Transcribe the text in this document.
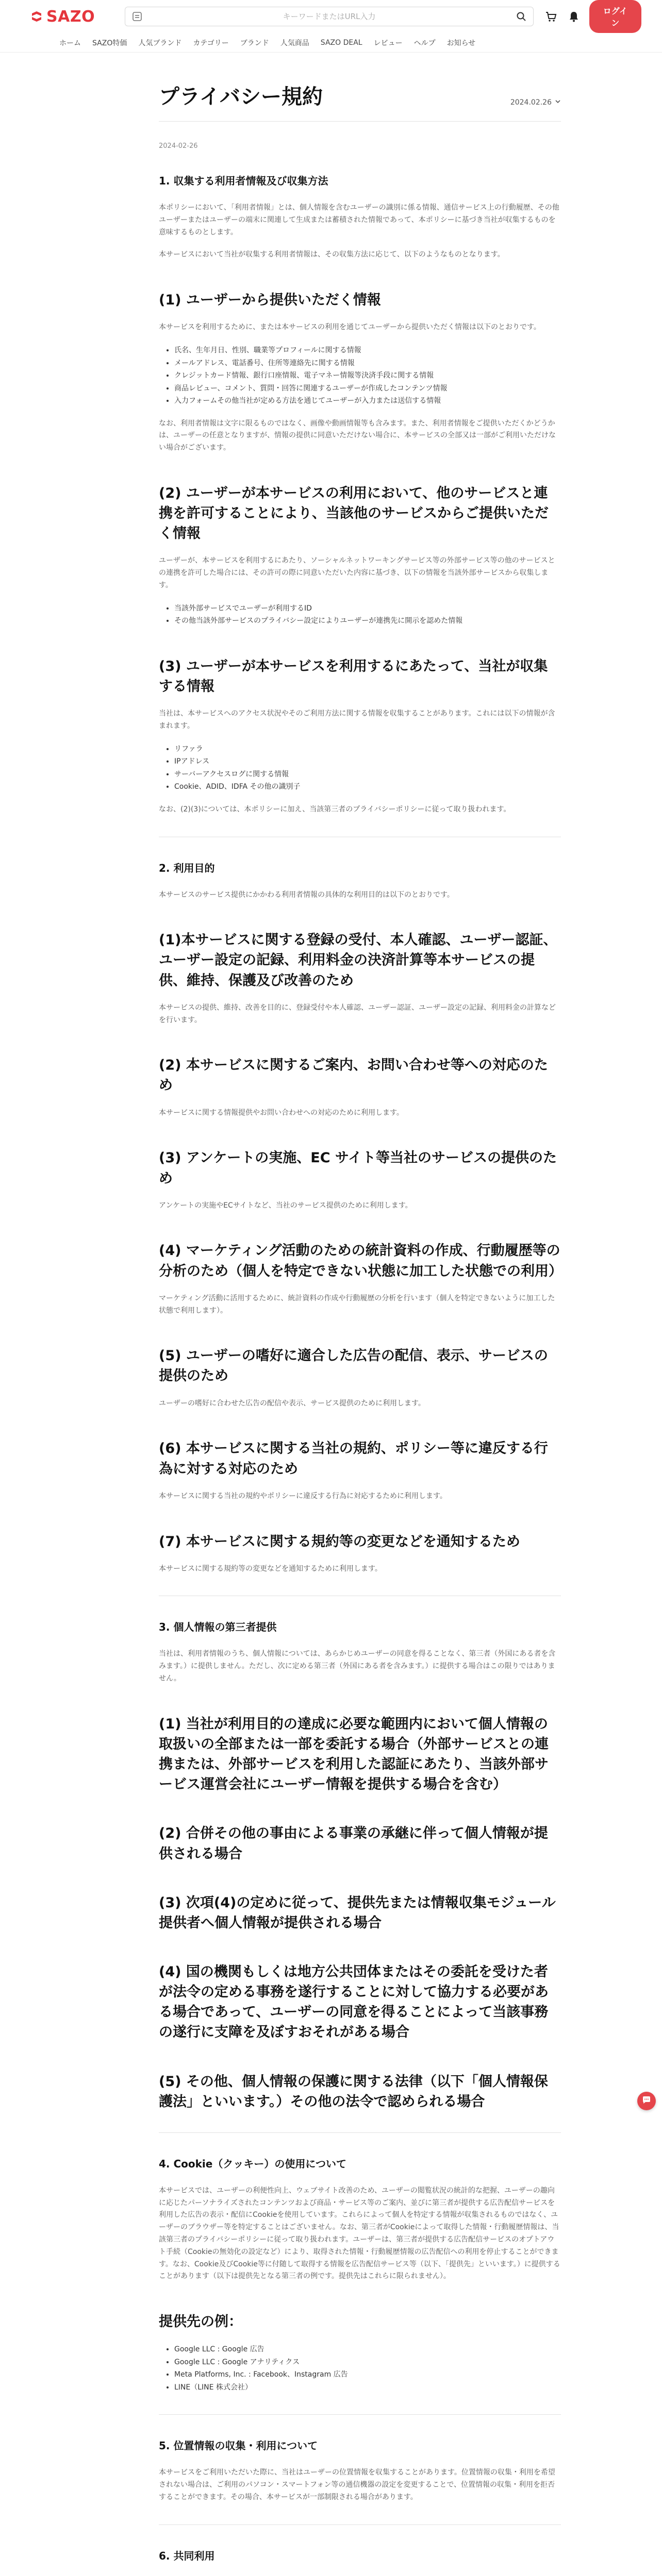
SAZO
キーワードまたはURL入力	ログイン
ホーム	SAZO特価	人気ブランド	カテゴリー	ブランド	人気商品	SAZO DEAL	レビュー	ヘルプ	お知らせ
プライバシー規約	2024.02.26
2024-02-26
1. 収集する利用者情報及び収集方法

本ポリシーにおいて、「利用者情報」とは、個人情報を含むユーザーの識別に係る情報、通信サービス上の行動履歴、その他ユーザーまたはユーザーの端末に関連して生成または蓄積された情報であって、本ポリシーに基づき当社が収集するものを意味するものとします。

本サービスにおいて当社が収集する利用者情報は、その収集方法に応じて、以下のようなものとなります。

(1) ユーザーから提供いただく情報

本サービスを利用するために、または本サービスの利用を通じてユーザーから提供いただく情報は以下のとおりです。

• 氏名、生年月日、性別、職業等プロフィールに関する情報
• メールアドレス、電話番号、住所等連絡先に関する情報
• クレジットカード情報、銀行口座情報、電子マネー情報等決済手段に関する情報
• 商品レビュー、コメント、質問・回答に関連するユーザーが作成したコンテンツ情報
• 入力フォームその他当社が定める方法を通じてユーザーが入力または送信する情報

なお、利用者情報は文字に限るものではなく、画像や動画情報等も含みます。また、利用者情報をご提供いただくかどうかは、ユーザーの任意となりますが、情報の提供に同意いただけない場合に、本サービスの全部又は一部がご利用いただけない場合がございます。

(2) ユーザーが本サービスの利用において、他のサービスと連携を許可することにより、当該他のサービスからご提供いただく情報

ユーザーが、本サービスを利用するにあたり、ソーシャルネットワーキングサービス等の外部サービス等の他のサービスとの連携を許可した場合には、その許可の際に同意いただいた内容に基づき、以下の情報を当該外部サービスから収集します。

• 当該外部サービスでユーザーが利用するID
• その他当該外部サービスのプライバシー設定によりユーザーが連携先に開示を認めた情報
(3) ユーザーが本サービスを利用するにあたって、当社が収集する情報

当社は、本サービスへのアクセス状況やそのご利用方法に関する情報を収集することがあります。これには以下の情報が含まれます。

• リファラ
• IPアドレス
• サーバーアクセスログに関する情報
• Cookie、ADID、IDFA その他の識別子

なお、(2)(3)については、本ポリシーに加え、当該第三者のプライバシーポリシーに従って取り扱われます。

2. 利用目的

本サービスのサービス提供にかかわる利用者情報の具体的な利用目的は以下のとおりです。

(1)本サービスに関する登録の受付、本人確認、ユーザー認証、ユーザー設定の記録、利用料金の決済計算等本サービスの提供、維持、保護及び改善のため

本サービスの提供、維持、改善を目的に、登録受付や本人確認、ユーザー認証、ユーザー設定の記録、利用料金の計算などを行います。

(2) 本サービスに関するご案内、お問い合わせ等への対応のため

本サービスに関する情報提供やお問い合わせへの対応のために利用します。

(3) アンケートの実施、EC サイト等当社のサービスの提供のため

アンケートの実施やECサイトなど、当社のサービス提供のために利用します。

(4) マーケティング活動のための統計資料の作成、行動履歴等の分析のため（個人を特定できない状態に加工した状態での利用）

マーケティング活動に活用するために、統計資料の作成や行動履歴の分析を行います（個人を特定できないように加工した状態で利用します）。

(5) ユーザーの嗜好に適合した広告の配信、表示、サービスの提供のため

ユーザーの嗜好に合わせた広告の配信や表示、サービス提供のために利用します。

(6) 本サービスに関する当社の規約、ポリシー等に違反する行為に対する対応のため

本サービスに関する当社の規約やポリシーに違反する行為に対応するために利用します。

(7) 本サービスに関する規約等の変更などを通知するため

本サービスに関する規約等の変更などを通知するために利用します。

3. 個人情報の第三者提供

当社は、利用者情報のうち、個人情報については、あらかじめユーザーの同意を得ることなく、第三者（外国にある者を含みます。）に提供しません。ただし、次に定める第三者（外国にある者を含みます。）に提供する場合はこの限りではありません。

(1) 当社が利用目的の達成に必要な範囲内において個人情報の取扱いの全部または一部を委託する場合（外部サービスとの連携または、外部サービスを利用した認証にあたり、当該外部サービス運営会社にユーザー情報を提供する場合を含む）
(2) 合併その他の事由による事業の承継に伴って個人情報が提供される場合
(3) 次項(4)の定めに従って、提供先または情報収集モジュール提供者へ個人情報が提供される場合
(4) 国の機関もしくは地方公共団体またはその委託を受けた者が法令の定める事務を遂行することに対して協力する必要がある場合であって、ユーザーの同意を得ることによって当該事務の遂行に支障を及ぼすおそれがある場合
(5) その他、個人情報の保護に関する法律（以下「個人情報保護法」といいます。）その他の法令で認められる場合
4. Cookie（クッキー）の使用について

本サービスでは、ユーザーの利便性向上、ウェブサイト改善のため、ユーザーの閲覧状況の統計的な把握、ユーザーの趣向に応じたパーソナライズされたコンテンツおよび商品・サービス等のご案内、並びに第三者が提供する広告配信サービスを利用した広告の表示・配信にCookieを使用しています。これらによって個人を特定する情報が収集されるものではなく、ユーザーのブラウザー等を特定することはございません。なお、第三者がCookieによって取得した情報・行動履歴情報は、当該第三者のプライバシーポリシーに従って取り扱われます。ユーザーは、第三者が提供する広告配信サービスのオプトアウト手続（Cookieの無効化の設定など）により、取得された情報・行動履歴情報の広告配信への利用を停止することができます。なお、Cookie及びCookie等に付随して取得する情報を広告配信サービス等（以下、「提供先」といいます。）に提供することがあります（以下は提供先となる第三者の例です。提供先はこれらに限られません）。

提供先の例：
• Google LLC : Google 広告
• Google LLC : Google アナリティクス
• Meta Platforms, Inc. : Facebook、Instagram 広告
• LINE（LINE 株式会社）
5. 位置情報の収集・利用について

本サービスをご利用いただいた際に、当社はユーザーの位置情報を収集することがあります。位置情報の収集・利用を希望されない場合は、ご利用のパソコン・スマートフォン等の通信機器の設定を変更することで、位置情報の収集・利用を拒否することができます。その場合、本サービスが一部制限される場合があります。

6. 共同利用
